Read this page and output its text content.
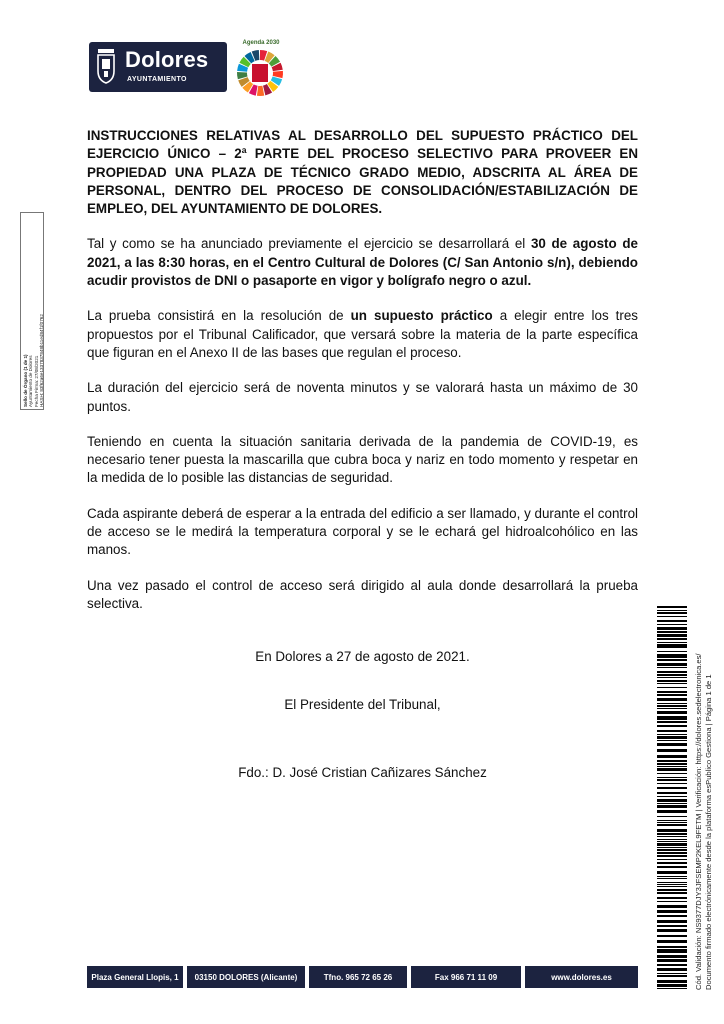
Dolores
AYUNTAMIENTO
Agenda 2030
Sello de Órgano (1 de 1) Ayuntamiento de Dolores Fecha Firma: 27/08/2021 HASH: 83f62a6e1337837848b11ed84f1f0762
INSTRUCCIONES RELATIVAS AL DESARROLLO DEL SUPUESTO PRÁCTICO DEL EJERCICIO ÚNICO – 2ª PARTE DEL PROCESO SELECTIVO PARA PROVEER EN PROPIEDAD UNA PLAZA DE TÉCNICO GRADO MEDIO, ADSCRITA AL ÁREA DE PERSONAL, DENTRO DEL PROCESO DE CONSOLIDACIÓN/ESTABILIZACIÓN DE EMPLEO, DEL AYUNTAMIENTO DE DOLORES.

Tal y como se ha anunciado previamente el ejercicio se desarrollará el 30 de agosto de 2021, a las 8:30 horas, en el Centro Cultural de Dolores (C/ San Antonio s/n), debiendo acudir provistos de DNI o pasaporte en vigor y bolígrafo negro o azul.

La prueba consistirá en la resolución de un supuesto práctico a elegir entre los tres propuestos por el Tribunal Calificador, que versará sobre la materia de la parte específica que figuran en el Anexo II de las bases que regulan el proceso.

La duración del ejercicio será de noventa minutos y se valorará hasta un máximo de 30 puntos.

Teniendo en cuenta la situación sanitaria derivada de la pandemia de COVID-19, es necesario tener puesta la mascarilla que cubra boca y nariz en todo momento y respetar en la medida de lo posible las distancias de seguridad.

Cada aspirante deberá de esperar a la entrada del edificio a ser llamado, y durante el control de acceso se le medirá la temperatura corporal y se le echará gel hidroalcohólico en las manos.

Una vez pasado el control de acceso será dirigido al aula donde desarrollará la prueba selectiva.

En Dolores a 27 de agosto de 2021.
El Presidente del Tribunal,
Fdo.: D. José Cristian Cañizares Sánchez
Plaza General Llopis, 1	03150 DOLORES (Alicante)	Tfno. 965 72 65 26	Fax 966 71 11 09	www.dolores.es	Cód. Validación: NS9377DJY3JFSEMP2KEL9FETM | Verificación: https://dolores.sedelectronica.es/ Documento firmado electrónicamente desde la plataforma esPublico Gestiona | Página 1 de 1
